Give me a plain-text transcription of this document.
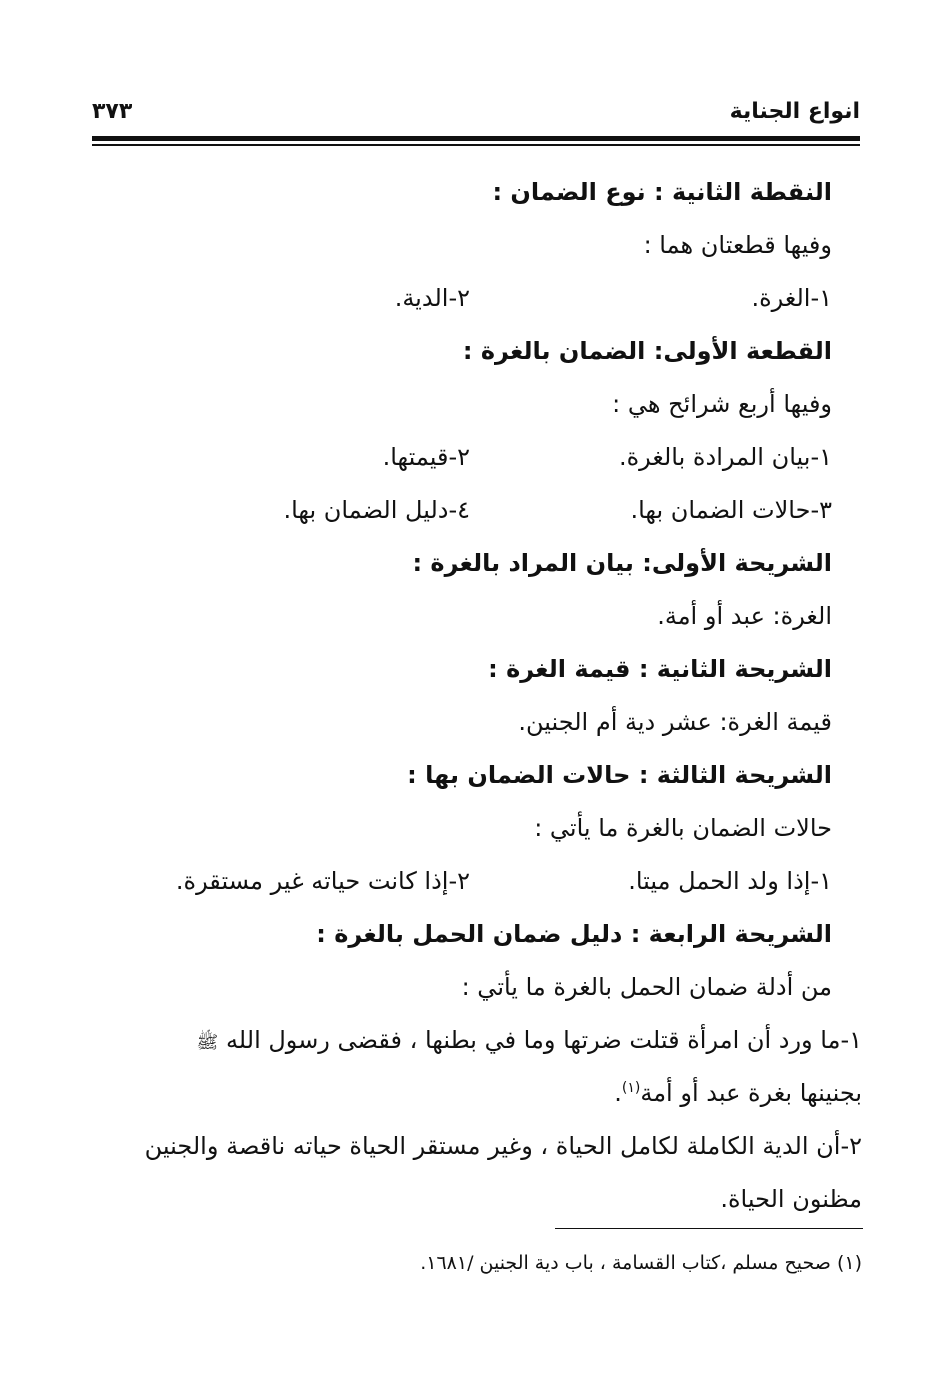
انواع الجناية
٣٧٣
النقطة الثانية : نوع الضمان :
وفيها قطعتان هما :
١-الغرة.
٢-الدية.
القطعة الأولى: الضمان بالغرة :
وفيها أربع شرائح هي :
١-بيان المرادة بالغرة.
٢-قيمتها.
٣-حالات الضمان بها.
٤-دليل الضمان بها.
الشريحة الأولى: بيان المراد بالغرة :
الغرة: عبد أو أمة.
الشريحة الثانية : قيمة الغرة :
قيمة الغرة: عشر دية أم الجنين.
الشريحة الثالثة : حالات الضمان بها :
حالات الضمان بالغرة ما يأتي :
١-إذا ولد الحمل ميتا.
٢-إذا كانت حياته غير مستقرة.
الشريحة الرابعة : دليل ضمان الحمل بالغرة :
من أدلة ضمان الحمل بالغرة ما يأتي :
١-ما ورد أن امرأة قتلت ضرتها وما في بطنها ، فقضى رسول الله ﷺ
بجنينها بغرة عبد أو أمة$^{(١)}$.
٢-أن الدية الكاملة لكامل الحياة ، وغير مستقر الحياة حياته ناقصة والجنين
مظنون الحياة.
(١) صحيح مسلم ،كتاب القسامة ، باب دية الجنين /١٦٨١.
